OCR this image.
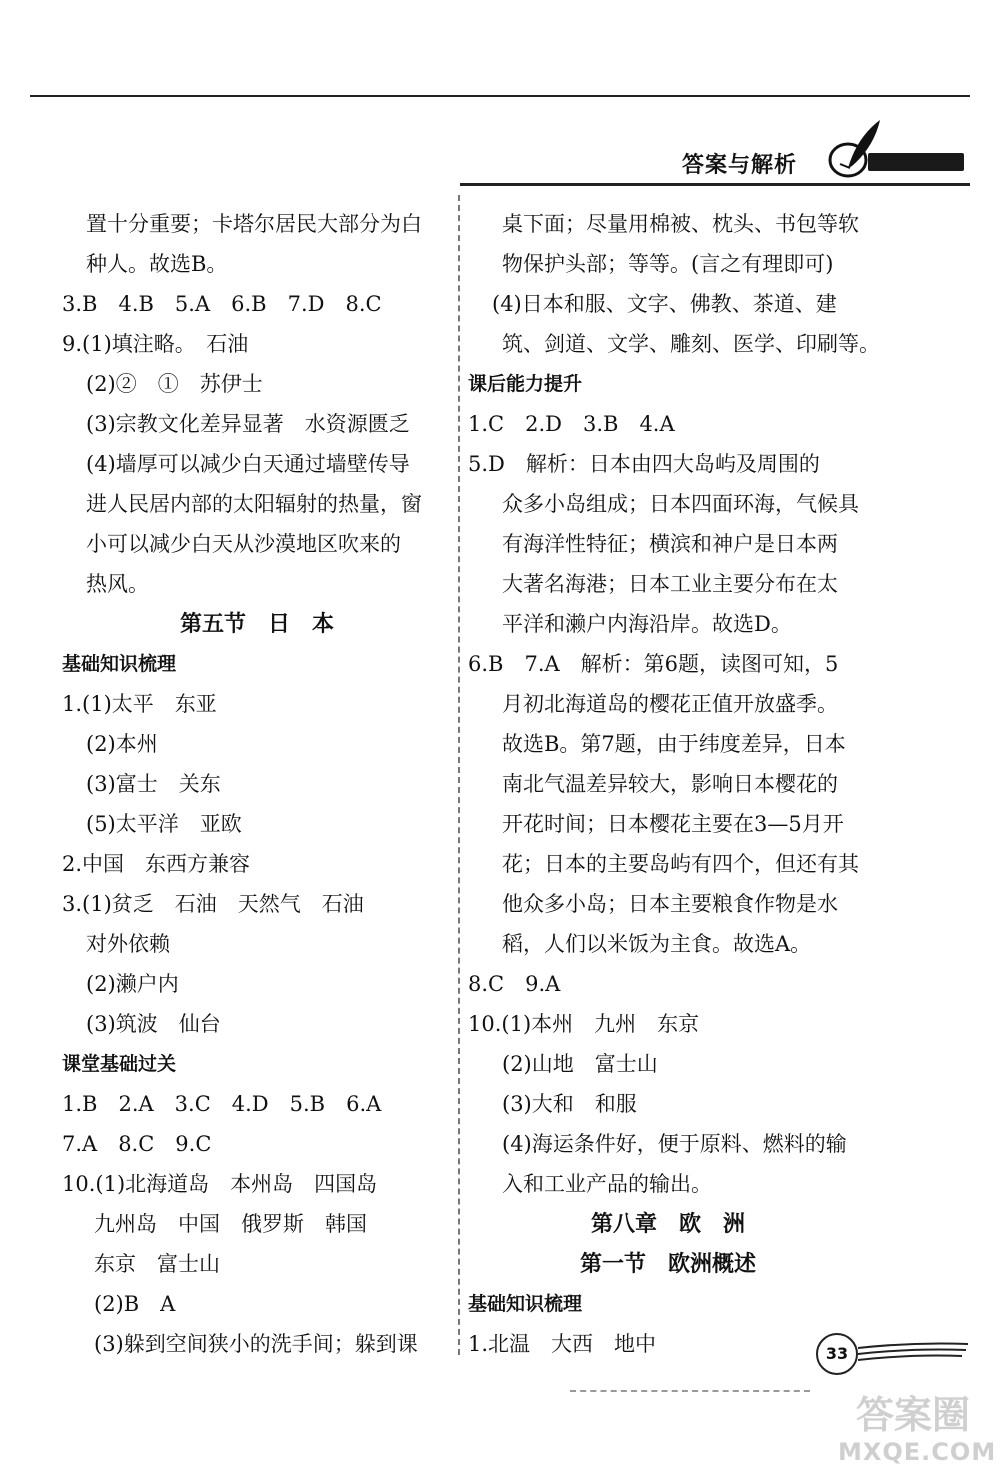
答案与解析
置十分重要；卡塔尔居民大部分为白
种人。故选B。
3.B　4.B　5.A　6.B　7.D　8.C
9.(1)填注略。　石油
(2)②　①　苏伊士
(3)宗教文化差异显著　水资源匮乏
(4)墙厚可以减少白天通过墙壁传导
进人民居内部的太阳辐射的热量，窗
小可以减少白天从沙漠地区吹来的
热风。
第五节　日　本
基础知识梳理
1.(1)太平　东亚
(2)本州
(3)富士　关东
(5)太平洋　亚欧
2.中国　东西方兼容
3.(1)贫乏　石油　天然气　石油
对外依赖
(2)濑户内
(3)筑波　仙台
课堂基础过关
1.B　2.A　3.C　4.D　5.B　6.A
7.A　8.C　9.C
10.(1)北海道岛　本州岛　四国岛
九州岛　中国　俄罗斯　韩国
东京　富士山
(2)B　A
(3)躲到空间狭小的洗手间；躲到课
桌下面；尽量用棉被、枕头、书包等软
物保护头部；等等。(言之有理即可)
(4)日本和服、文字、佛教、茶道、建
筑、剑道、文学、雕刻、医学、印刷等。
课后能力提升
1.C　2.D　3.B　4.A
5.D　解析：日本由四大岛屿及周围的
众多小岛组成；日本四面环海，气候具
有海洋性特征；横滨和神户是日本两
大著名海港；日本工业主要分布在太
平洋和濑户内海沿岸。故选D。
6.B　7.A　解析：第6题，读图可知，5
月初北海道岛的樱花正值开放盛季。
故选B。第7题，由于纬度差异，日本
南北气温差异较大，影响日本樱花的
开花时间；日本樱花主要在3—5月开
花；日本的主要岛屿有四个，但还有其
他众多小岛；日本主要粮食作物是水
稻，人们以米饭为主食。故选A。
8.C　9.A
10.(1)本州　九州　东京
(2)山地　富士山
(3)大和　和服
(4)海运条件好，便于原料、燃料的输
入和工业产品的输出。
第八章　欧　洲
第一节　欧洲概述
基础知识梳理
1.北温　大西　地中	33
答案圈
MXQE.COM
